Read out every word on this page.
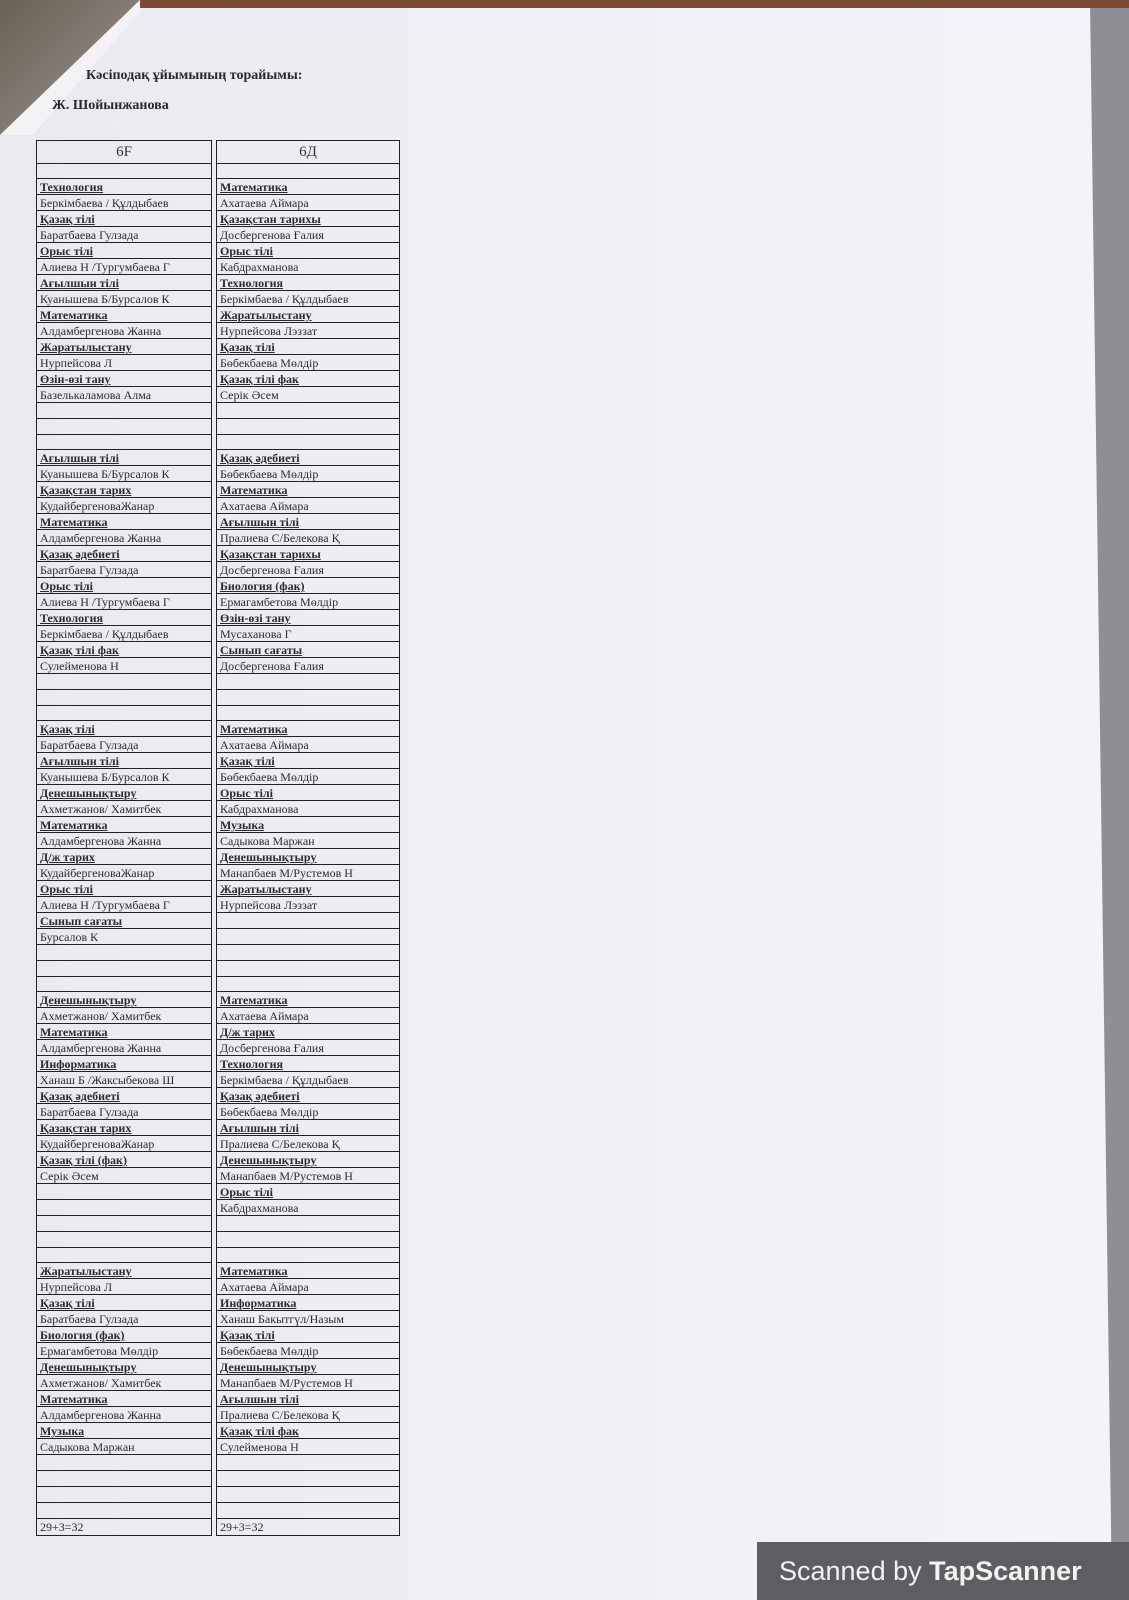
Кәсіподақ ұйымының торайымы:
Ж. Шойынжанова
6F
Технология
Беркімбаева / Құлдыбаев
Қазақ тілі
Баратбаева Гулзада
Орыс тілі
Алиева Н /Тургумбаева Г
Ағылшын тілі
Куанышева Б/Бурсалов К
Математика
Алдамбергенова Жанна
Жаратылыстану
Нурпейсова Л
Өзін-өзі тану
Базелькаламова Алма
Ағылшын тілі
Куанышева Б/Бурсалов К
Қазақстан тарих
КудайбергеноваЖанар
Математика
Алдамбергенова Жанна
Қазақ әдебиеті
Баратбаева Гулзада
Орыс тілі
Алиева Н /Тургумбаева Г
Технология
Беркімбаева / Құлдыбаев
Қазақ тілі фак
Сулейменова Н
Қазақ тілі
Баратбаева Гулзада
Ағылшын тілі
Куанышева Б/Бурсалов К
Денешынықтыру
Ахметжанов/ Хамитбек
Математика
Алдамбергенова Жанна
Д/ж тарих
КудайбергеноваЖанар
Орыс тілі
Алиева Н /Тургумбаева Г
Сынып сағаты
Бурсалов К
Денешынықтыру
Ахметжанов/ Хамитбек
Математика
Алдамбергенова Жанна
Информатика
Ханаш Б /Жаксыбекова Ш
Қазақ әдебиеті
Баратбаева Гулзада
Қазақстан тарих
КудайбергеноваЖанар
Қазақ тілі (фак)
Серік Әсем
Жаратылыстану
Нурпейсова Л
Қазақ тілі
Баратбаева Гулзада
Биология (фак)
Ермагамбетова Мөлдір
Денешынықтыру
Ахметжанов/ Хамитбек
Математика
Алдамбергенова Жанна
Музыка
Садыкова Маржан
29+3=32
6Д
Математика
Ахатаева Аймара
Қазақстан тарихы
Досбергенова Ғалия
Орыс тілі
Кабдрахманова
Технология
Беркімбаева / Құлдыбаев
Жаратылыстану
Нурпейсова Лэззат
Қазақ тілі
Бөбекбаева Мөлдір
Қазақ тілі фак
Серік Әсем
Қазақ әдебиеті
Бөбекбаева Мөлдір
Математика
Ахатаева Аймара
Ағылшын тілі
Пралиева С/Белекова Қ
Қазақстан тарихы
Досбергенова Ғалия
Биология (фак)
Ермагамбетова Мөлдір
Өзін-өзі тану
Мусаханова Г
Сынып сағаты
Досбергенова Ғалия
Математика
Ахатаева Аймара
Қазақ тілі
Бөбекбаева Мөлдір
Орыс тілі
Кабдрахманова
Музыка
Садыкова Маржан
Денешынықтыру
Манапбаев М/Рустемов Н
Жаратылыстану
Нурпейсова Лэззат
Математика
Ахатаева Аймара
Д/ж тарих
Досбергенова Ғалия
Технология
Беркімбаева / Құлдыбаев
Қазақ әдебиеті
Бөбекбаева Мөлдір
Ағылшын тілі
Пралиева С/Белекова Қ
Денешынықтыру
Манапбаев М/Рустемов Н
Орыс тілі
Кабдрахманова
Математика
Ахатаева Аймара
Информатика
Ханаш Бакытгүл/Назым
Қазақ тілі
Бөбекбаева Мөлдір
Денешынықтыру
Манапбаев М/Рустемов Н
Ағылшын тілі
Пралиева С/Белекова Қ
Қазақ тілі фак
Сулейменова Н
29+3=32
Scanned by TapScanner
